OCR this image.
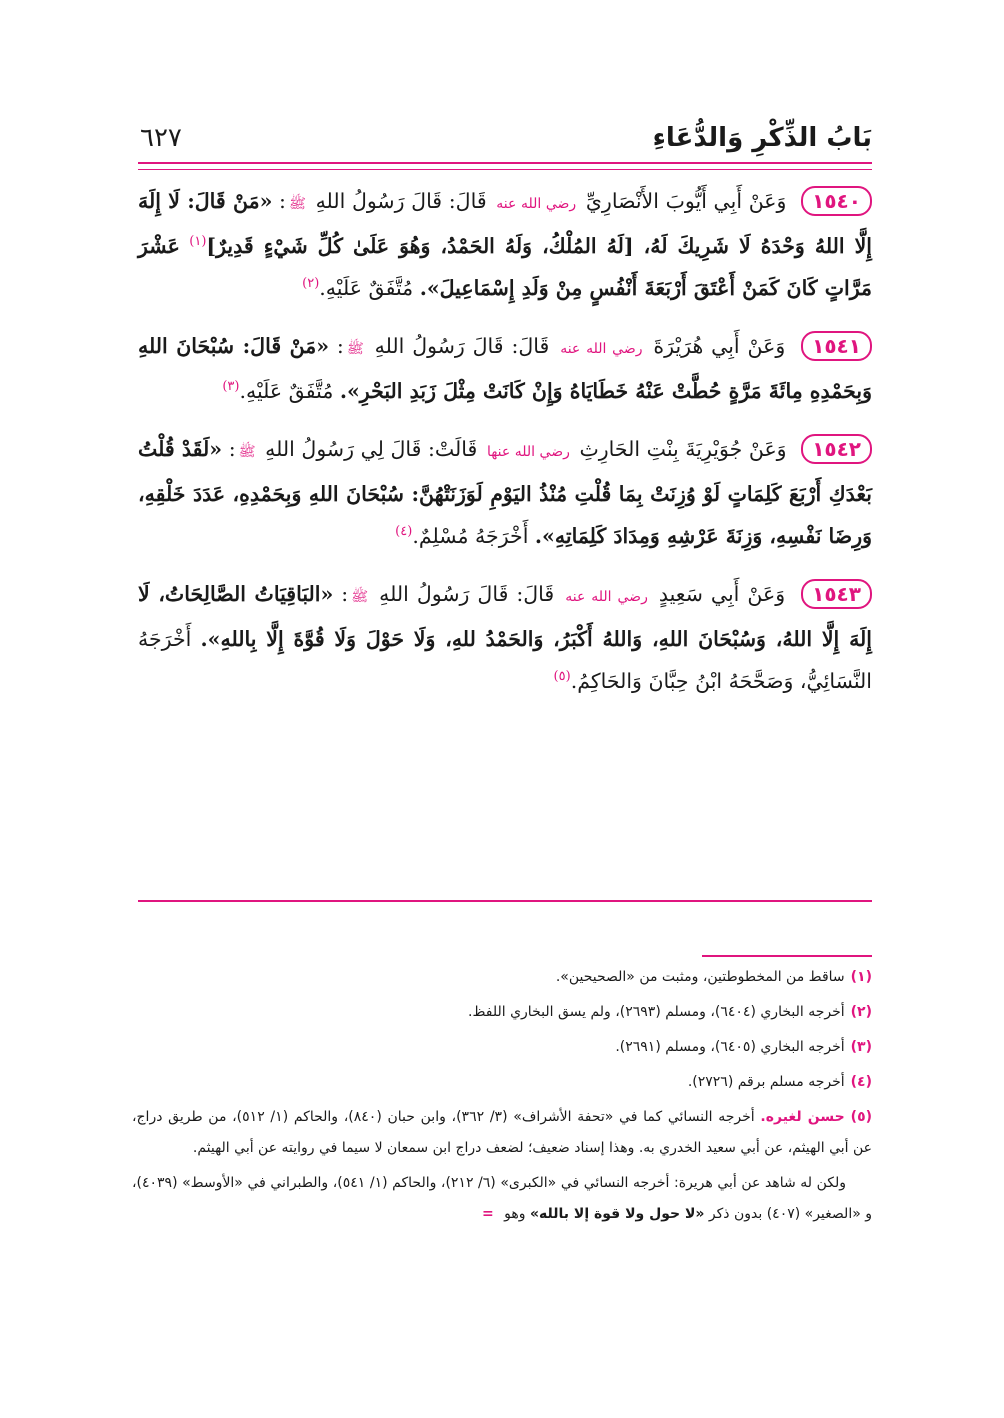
بَابُ الذِّكْرِ وَالدُّعَاءِ
٦٢٧

١٥٤٠ وَعَنْ أَبِي أَيُّوبَ الأَنْصَارِيِّ رضي الله عنه قَالَ: قَالَ رَسُولُ اللهِ ﷺ: «مَنْ قَالَ: لَا إِلَهَ إِلَّا اللهُ وَحْدَهُ لَا شَرِيكَ لَهُ، [لَهُ المُلْكُ، وَلَهُ الحَمْدُ، وَهُوَ عَلَىٰ كُلِّ شَيْءٍ قَدِيرٌ]$^{(١)}$ عَشْرَ مَرَّاتٍ كَانَ كَمَنْ أَعْتَقَ أَرْبَعَةَ أَنْفُسٍ مِنْ وَلَدِ إِسْمَاعِيلَ». مُتَّفَقٌ عَلَيْهِ.$^{(٢)}$

١٥٤١ وَعَنْ أَبِي هُرَيْرَةَ رضي الله عنه قَالَ: قَالَ رَسُولُ اللهِ ﷺ: «مَنْ قَالَ: سُبْحَانَ اللهِ وَبِحَمْدِهِ مِائَةَ مَرَّةٍ حُطَّتْ عَنْهُ خَطَايَاهُ وَإِنْ كَانَتْ مِثْلَ زَبَدِ البَحْرِ». مُتَّفَقٌ عَلَيْهِ.$^{(٣)}$

١٥٤٢ وَعَنْ جُوَيْرِيَةَ بِنْتِ الحَارِثِ رضي الله عنها قَالَتْ: قَالَ لِي رَسُولُ اللهِ ﷺ: «لَقَدْ قُلْتُ بَعْدَكِ أَرْبَعَ كَلِمَاتٍ لَوْ وُزِنَتْ بِمَا قُلْتِ مُنْذُ اليَوْمِ لَوَزَنَتْهُنَّ: سُبْحَانَ اللهِ وَبِحَمْدِهِ، عَدَدَ خَلْقِهِ، وَرِضَا نَفْسِهِ، وَزِنَةَ عَرْشِهِ وَمِدَادَ كَلِمَاتِهِ». أَخْرَجَهُ مُسْلِمٌ.$^{(٤)}$

١٥٤٣ وَعَنْ أَبِي سَعِيدٍ رضي الله عنه قَالَ: قَالَ رَسُولُ اللهِ ﷺ: «البَاقِيَاتُ الصَّالِحَاتُ، لَا إِلَهَ إِلَّا اللهُ، وَسُبْحَانَ اللهِ، وَاللهُ أَكْبَرُ، وَالحَمْدُ للهِ، وَلَا حَوْلَ وَلَا قُوَّةَ إِلَّا بِاللهِ». أَخْرَجَهُ النَّسَائِيُّ، وَصَحَّحَهُ ابْنُ حِبَّانَ وَالحَاكِمُ.$^{(٥)}$

(١)ساقط من المخطوطتين، ومثبت من «الصحيحين».

(٢)أخرجه البخاري (٦٤٠٤)، ومسلم (٢٦٩٣)، ولم يسق البخاري اللفظ.

(٣)أخرجه البخاري (٦٤٠٥)، ومسلم (٢٦٩١).

(٤)أخرجه مسلم برقم (٢٧٢٦).

(٥)حسن لغيره. أخرجه النسائي كما في «تحفة الأشراف» (٣/ ٣٦٢)، وابن حبان (٨٤٠)، والحاكم (١/ ٥١٢)، من طريق دراج، عن أبي الهيثم، عن أبي سعيد الخدري به. وهذا إسناد ضعيف؛ لضعف دراج ابن سمعان لا سيما في روايته عن أبي الهيثم.

ولكن له شاهد عن أبي هريرة: أخرجه النسائي في «الكبرى» (٦/ ٢١٢)، والحاكم (١/ ٥٤١)، والطبراني في «الأوسط» (٤٠٣٩)، و «الصغير» (٤٠٧) بدون ذكر «لا حول ولا قوة إلا بالله» وهو =
